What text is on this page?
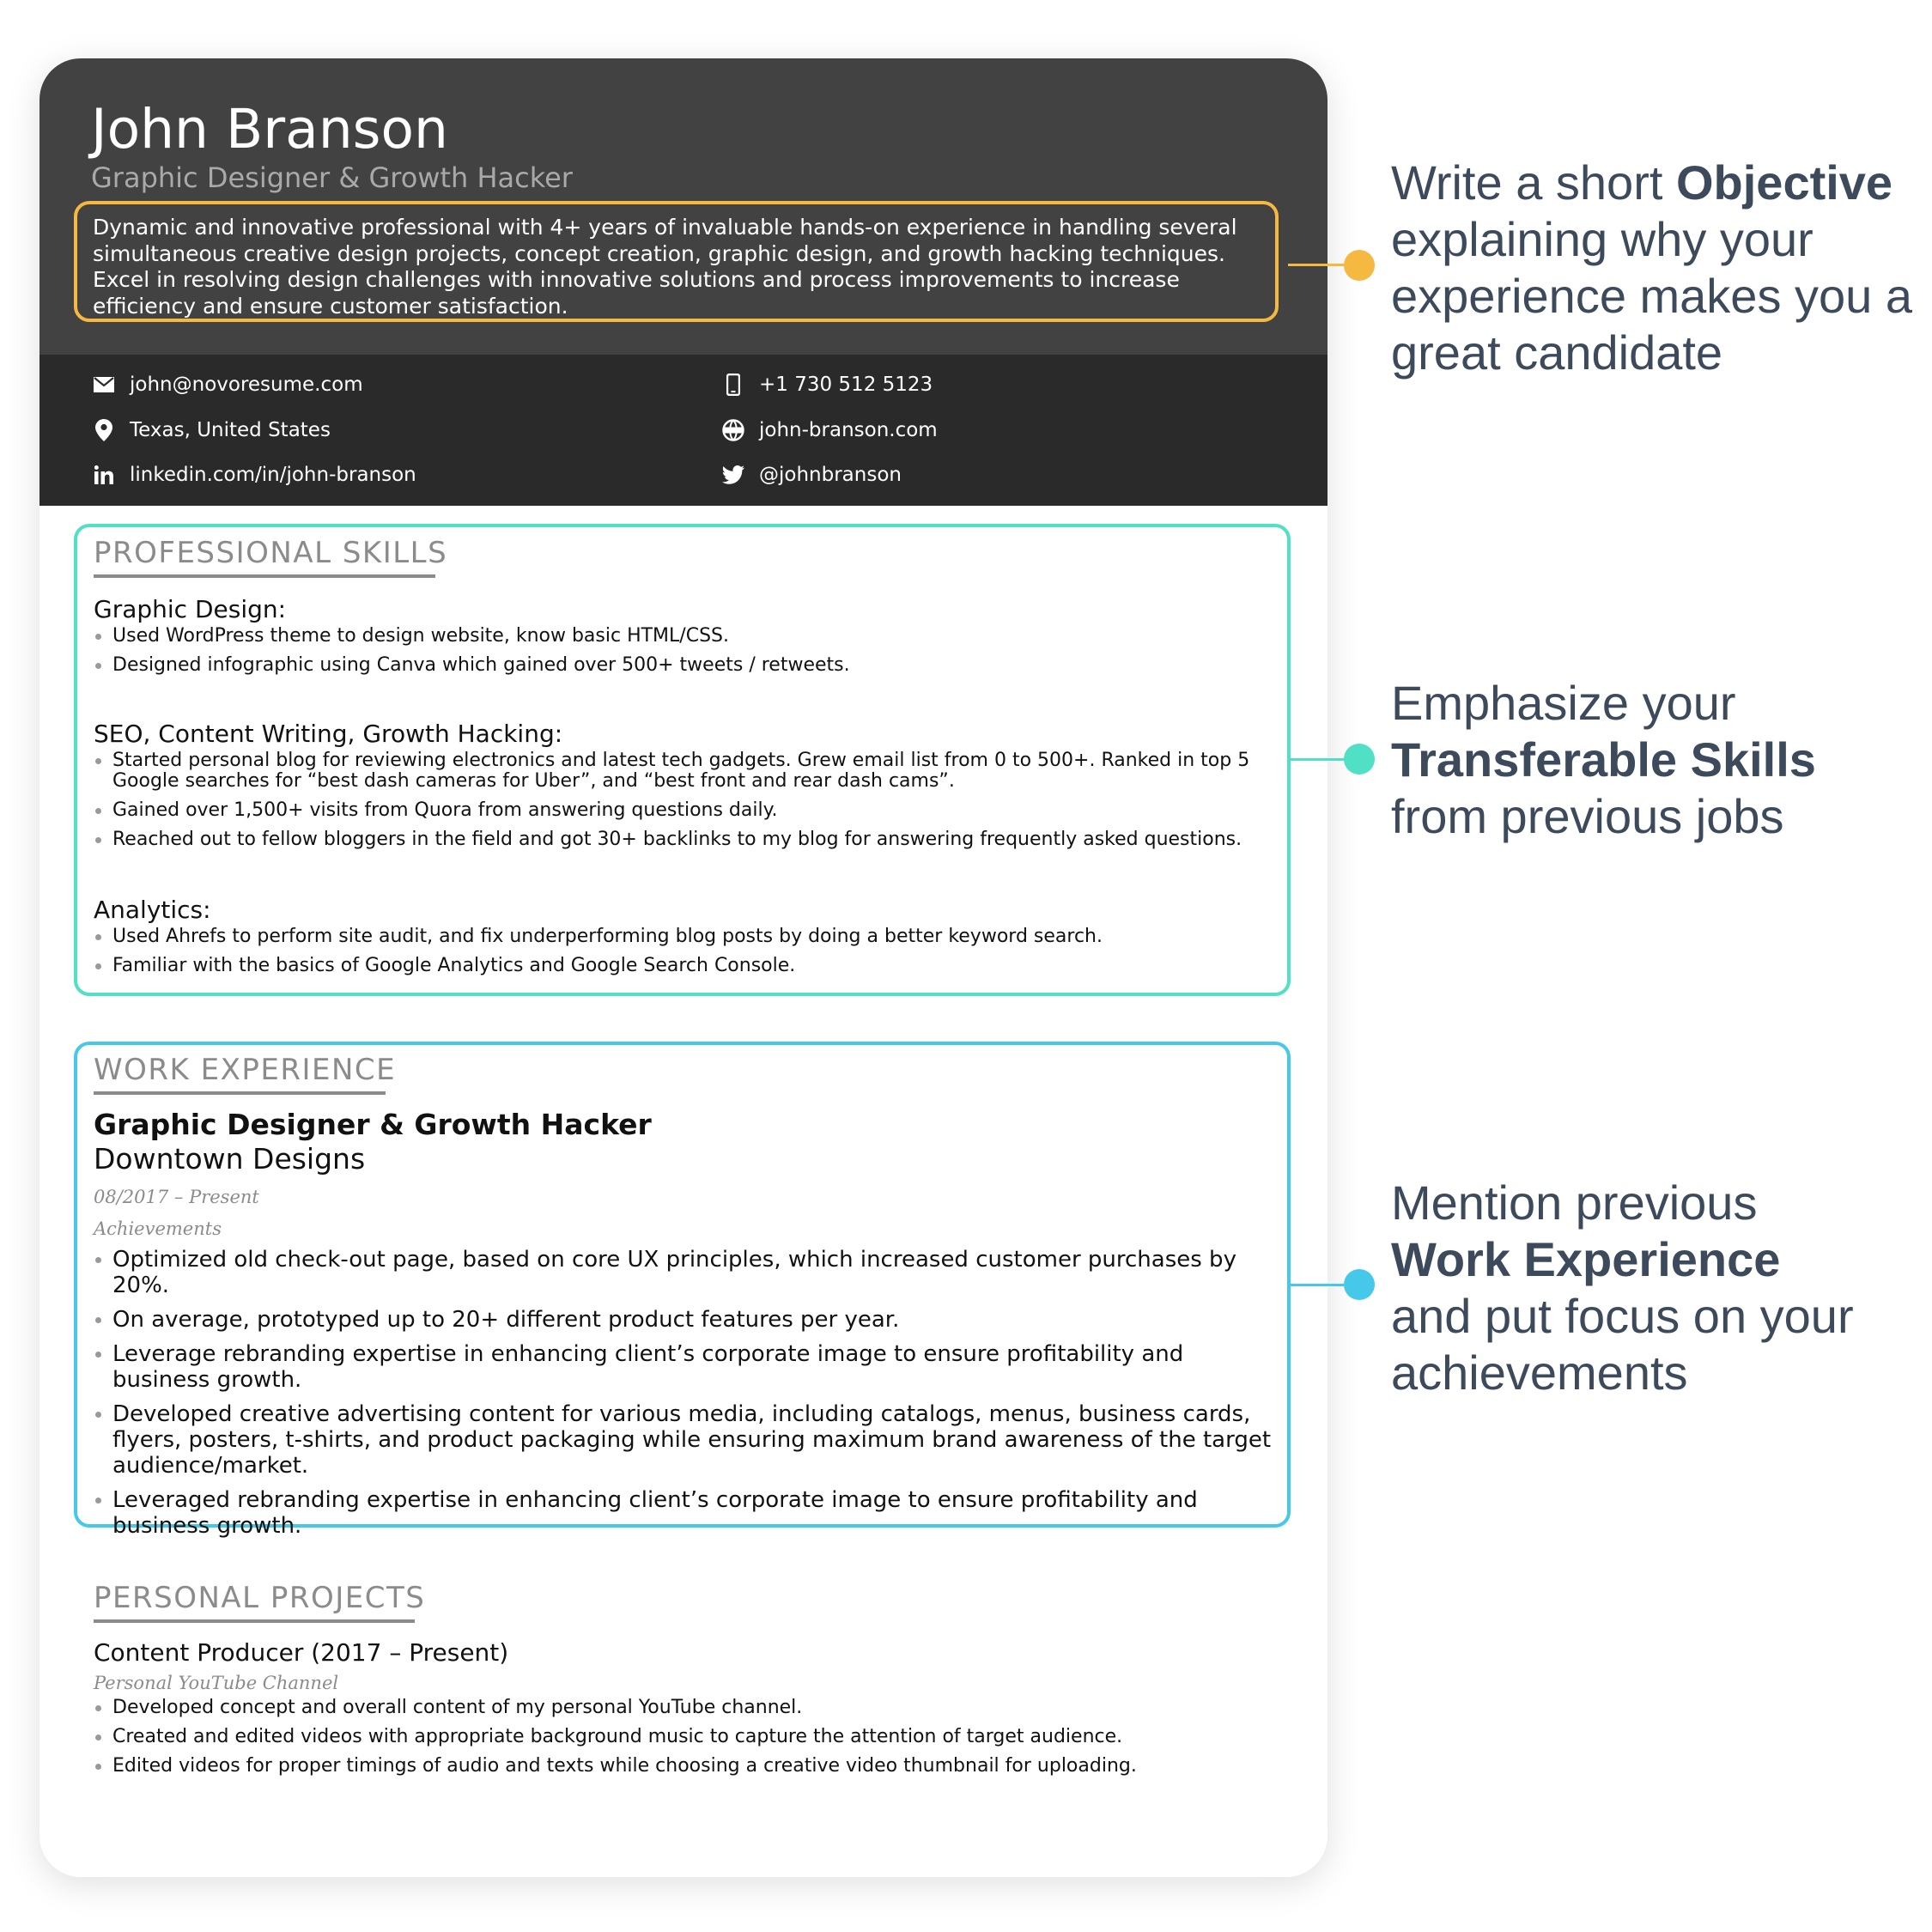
John Branson
Graphic Designer & Growth Hacker
Dynamic and innovative professional with 4+ years of invaluable hands-on experience in handling several simultaneous creative design projects, concept creation, graphic design, and growth hacking techniques. Excel in resolving design challenges with innovative solutions and process improvements to increase efficiency and ensure customer satisfaction.
john@novoresume.com
Texas, United States
linkedin.com/in/john-branson
+1 730 512 5123
john-branson.com
@johnbranson
PROFESSIONAL SKILLS
Graphic Design:
Used WordPress theme to design website, know basic HTML/CSS.
Designed infographic using Canva which gained over 500+ tweets / retweets.
SEO, Content Writing, Growth Hacking:
Started personal blog for reviewing electronics and latest tech gadgets. Grew email list from 0 to 500+. Ranked in top 5 Google searches for “best dash cameras for Uber”, and “best front and rear dash cams”.
Gained over 1,500+ visits from Quora from answering questions daily.
Reached out to fellow bloggers in the field and got 30+ backlinks to my blog for answering frequently asked questions.
Analytics:
Used Ahrefs to perform site audit, and fix underperforming blog posts by doing a better keyword search.
Familiar with the basics of Google Analytics and Google Search Console.
WORK EXPERIENCE
Graphic Designer & Growth Hacker
Downtown Designs
08/2017 – Present
Achievements
Optimized old check-out page, based on core UX principles, which increased customer purchases by 20%.
On average, prototyped up to 20+ different product features per year.
Leverage rebranding expertise in enhancing client’s corporate image to ensure profitability and business growth.
Developed creative advertising content for various media, including catalogs, menus, business cards, flyers, posters, t-shirts, and product packaging while ensuring maximum brand awareness of the target audience/market.
Leveraged rebranding expertise in enhancing client’s corporate image to ensure profitability and business growth.
PERSONAL PROJECTS
Content Producer (2017 – Present)
Personal YouTube Channel
Developed concept and overall content of my personal YouTube channel.
Created and edited videos with appropriate background music to capture the attention of target audience.
Edited videos for proper timings of audio and texts while choosing a creative video thumbnail for uploading.
Write a short Objective explaining why your experience makes you a great candidate
Emphasize your
Transferable Skills
from previous jobs
Mention previous
Work Experience
and put focus on your achievements
